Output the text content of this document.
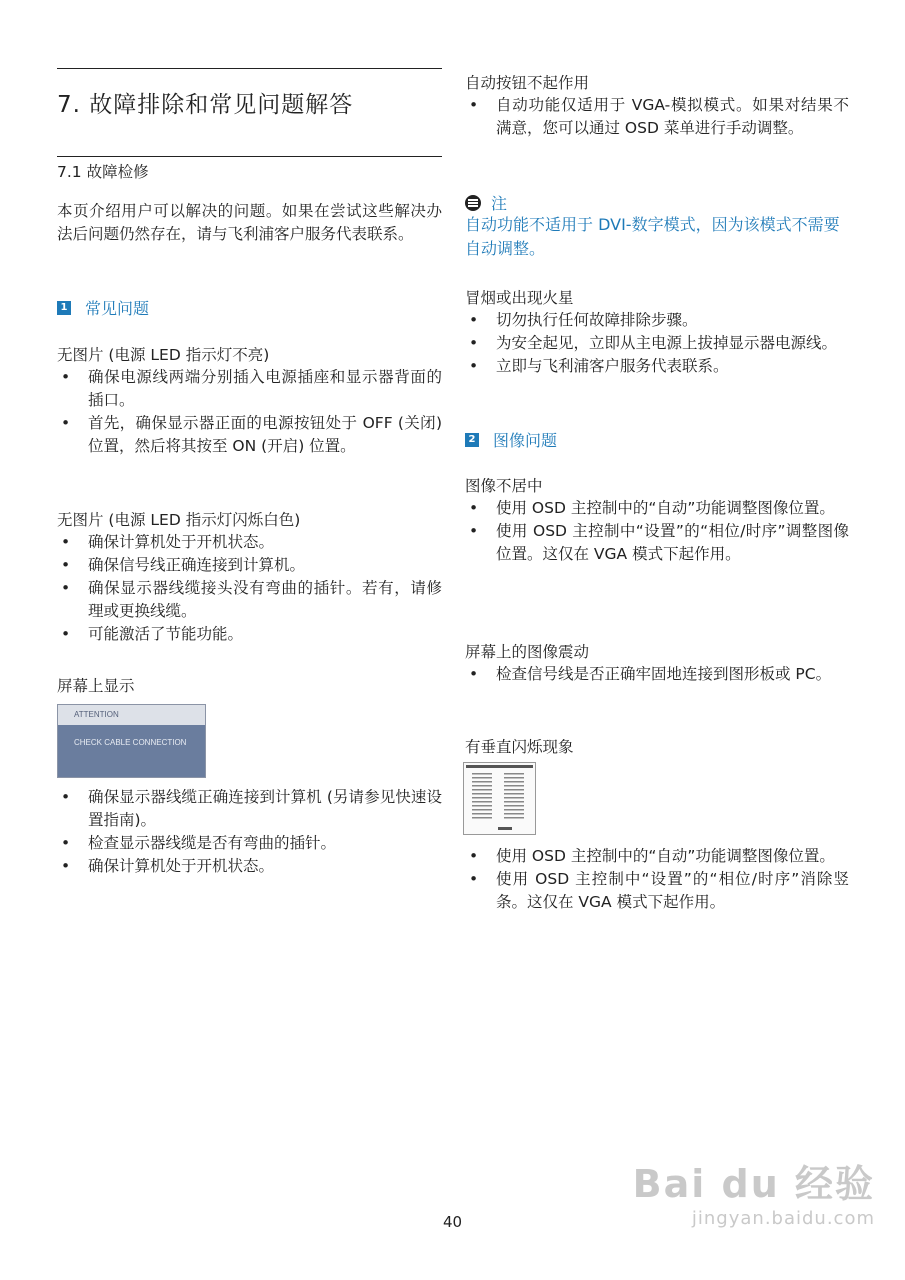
7. 故障排除和常见问题解答
7.1 故障检修
本页介绍用户可以解决的问题。如果在尝试这些解决办法后问题仍然存在，请与飞利浦客户服务代表联系。
1 常见问题
无图片 (电源 LED 指示灯不亮)
• 确保电源线两端分别插入电源插座和显示器背面的插口。
• 首先，确保显示器正面的电源按钮处于 OFF (关闭) 位置，然后将其按至 ON (开启) 位置。
无图片 (电源 LED 指示灯闪烁白色)
• 确保计算机处于开机状态。
• 确保信号线正确连接到计算机。
• 确保显示器线缆接头没有弯曲的插针。若有，请修理或更换线缆。
• 可能激活了节能功能。
屏幕上显示
ATTENTION
CHECK CABLE CONNECTION
• 确保显示器线缆正确连接到计算机 (另请参见快速设置指南)。
• 检查显示器线缆是否有弯曲的插针。
• 确保计算机处于开机状态。
自动按钮不起作用
• 自动功能仅适用于 VGA-模拟模式。如果对结果不满意，您可以通过 OSD 菜单进行手动调整。
注
自动功能不适用于 DVI-数字模式，因为该模式不需要自动调整。
冒烟或出现火星
• 切勿执行任何故障排除步骤。
• 为安全起见，立即从主电源上拔掉显示器电源线。
• 立即与飞利浦客户服务代表联系。
2 图像问题
图像不居中
• 使用 OSD 主控制中的“自动”功能调整图像位置。
• 使用 OSD 主控制中“设置”的“相位/时序”调整图像位置。这仅在 VGA 模式下起作用。
屏幕上的图像震动
• 检查信号线是否正确牢固地连接到图形板或 PC。
有垂直闪烁现象
• 使用 OSD 主控制中的“自动”功能调整图像位置。
• 使用 OSD 主控制中“设置”的“相位/时序”消除竖条。这仅在 VGA 模式下起作用。
Bai du 经验
jingyan.baidu.com
40
